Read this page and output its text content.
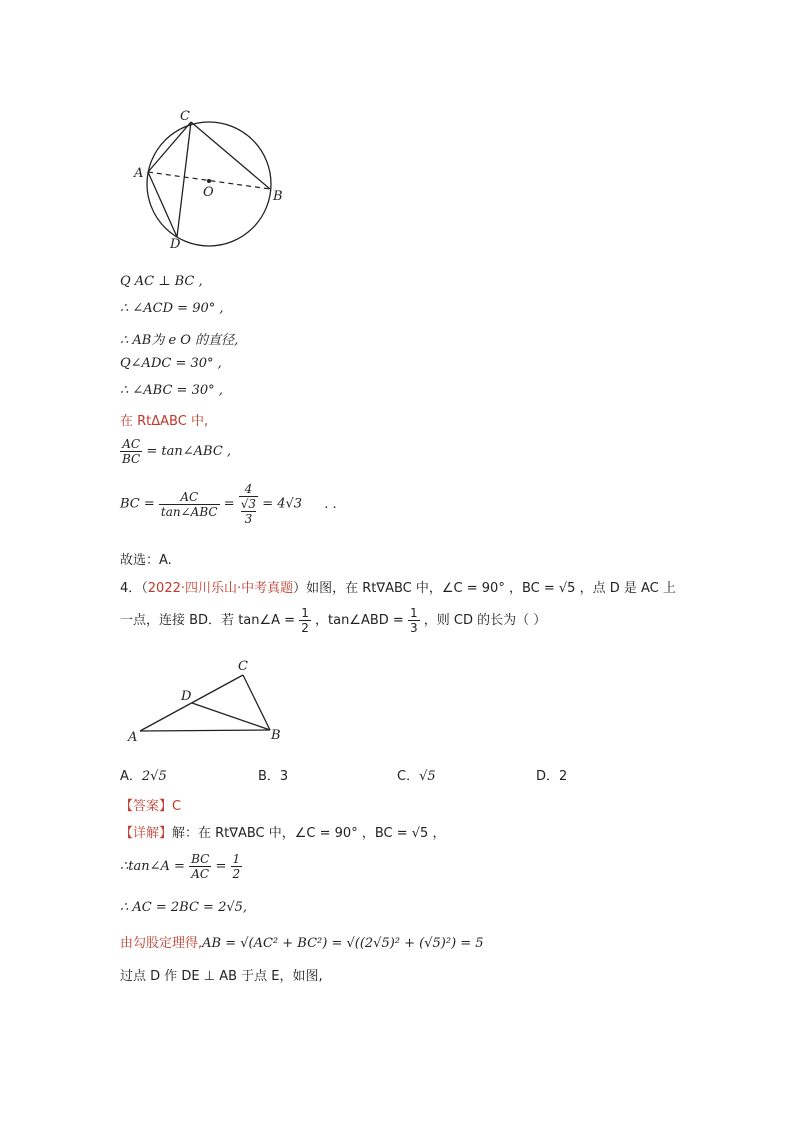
C
A
O	B
D
Q AC ⊥ BC ,
∴ ∠ACD = 90° ,
∴ AB为 e O 的直径,
Q∠ADC = 30° ,
∴ ∠ABC = 30° ,
在 RtΔABC 中,
$\frac{AC}{BC}$ = tan∠ABC ,
BC = $\frac{AC}{\text{tan∠ABC}} = 4$
√3
3 = 4√3 . .
故选：A.
4．（2022·四川乐山·中考真题）如图，在 Rt∇ABC 中，∠C = 90° ，BC = √5 ，点 D 是 AC 上
一点，连接 BD．若 tan∠A = $\frac{1}{2}$ ，tan∠ABD = $\frac{1}{3}$ ，则 CD 的长为（ ）
C
D
A	B
A．2√5	B．3	C．√5	D．2
【答案】C
【详解】解：在 Rt∇ABC 中，∠C = 90° ，BC = √5 ，
∴tan∠A = $\frac{BC}{AC} = \frac{1}{2}$
∴ AC = 2BC = 2√5,
由勾股定理得,AB = √(AC² + BC²) = √((2√5)² + (√5)²) = 5
过点 D 作 DE ⊥ AB 于点 E，如图,
